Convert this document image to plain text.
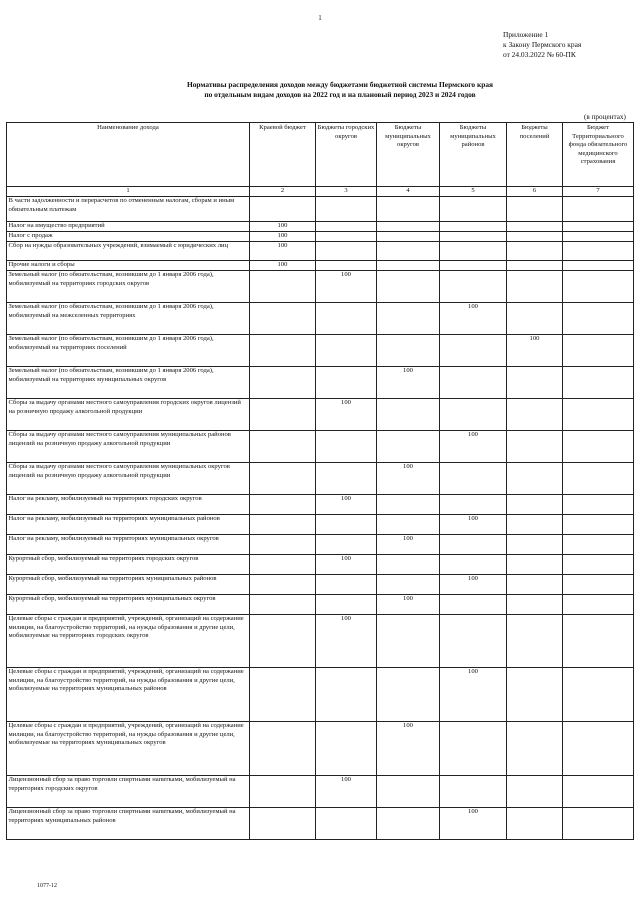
1
Приложение 1
к Закону Пермского края
от 24.03.2022 № 60-ПК
Нормативы распределения доходов между бюджетами бюджетной системы Пермского края
по отдельным видам доходов на 2022 год и на плановый период 2023 и 2024 годов
(в процентах)
Наименование дохода	Краевой бюджет	Бюджеты городских округов	Бюджеты муниципальных округов	Бюджеты муниципальных районов	Бюджеты поселений	Бюджет Территориального фонда обязательного медицинского страхования
1	2	3	4	5	6	7
В части задолженности и перерасчетов по отмененным налогам, сборам и иным обязательным платежам						
Налог на имущество предприятий	100					
Налог с продаж	100					
Сбор на нужды образовательных учреждений, взимаемый с юридических лиц	100					
Прочие налоги и сборы	100					
Земельный налог (по обязательствам, возникшим до 1 января 2006 года), мобилизуемый на территориях городских округов		100				
Земельный налог (по обязательствам, возникшим до 1 января 2006 года), мобилизуемый на межселенных территориях				100		
Земельный налог (по обязательствам, возникшим до 1 января 2006 года), мобилизуемый на территориях поселений					100	
Земельный налог (по обязательствам, возникшим до 1 января 2006 года), мобилизуемый на территориях муниципальных округов			100			
Сборы за выдачу органами местного самоуправления городских округов лицензий на розничную продажу алкогольной продукции		100				
Сборы за выдачу органами местного самоуправления муниципальных районов лицензий на розничную продажу алкогольной продукции				100		
Сборы за выдачу органами местного самоуправления муниципальных округов лицензий на розничную продажу алкогольной продукции			100			
Налог на рекламу, мобилизуемый на территориях городских округов		100				
Налог на рекламу, мобилизуемый на территориях муниципальных районов				100		
Налог на рекламу, мобилизуемый на территориях муниципальных округов			100			
Курортный сбор, мобилизуемый на территориях городских округов		100				
Курортный сбор, мобилизуемый на территориях муниципальных районов				100		
Курортный сбор, мобилизуемый на территориях муниципальных округов			100			
Целевые сборы с граждан и предприятий, учреждений, организаций на содержание милиции, на благоустройство территорий, на нужды образования и другие цели, мобилизуемые на территориях городских округов		100				
Целевые сборы с граждан и предприятий, учреждений, организаций на содержание милиции, на благоустройство территорий, на нужды образования и другие цели, мобилизуемые на территориях муниципальных районов				100		
Целевые сборы с граждан и предприятий, учреждений, организаций на содержание милиции, на благоустройство территорий, на нужды образования и другие цели, мобилизуемые на территориях муниципальных округов			100			
Лицензионный сбор за право торговли спиртными напитками, мобилизуемый на территориях городских округов		100				
Лицензионный сбор за право торговли спиртными напитками, мобилизуемый на территориях муниципальных районов				100		
1077-12
